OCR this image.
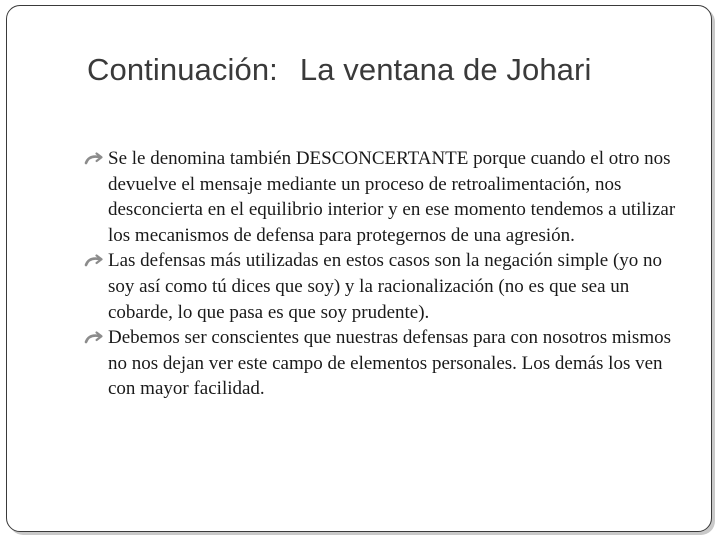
Continuación: La ventana de Johari
Se le denomina también DESCONCERTANTE porque cuando el otro nos devuelve el mensaje mediante un proceso de retroalimentación, nos desconcierta en el equilibrio interior y en ese momento tendemos a utilizar los mecanismos de defensa para protegernos de una agresión.
Las defensas más utilizadas en estos casos son la negación simple (yo no soy así como tú dices que soy) y la racionalización (no es que sea un cobarde, lo que pasa es que soy prudente).
Debemos ser conscientes que nuestras defensas para con nosotros mismos no nos dejan ver este campo de elementos personales. Los demás los ven con mayor facilidad.
